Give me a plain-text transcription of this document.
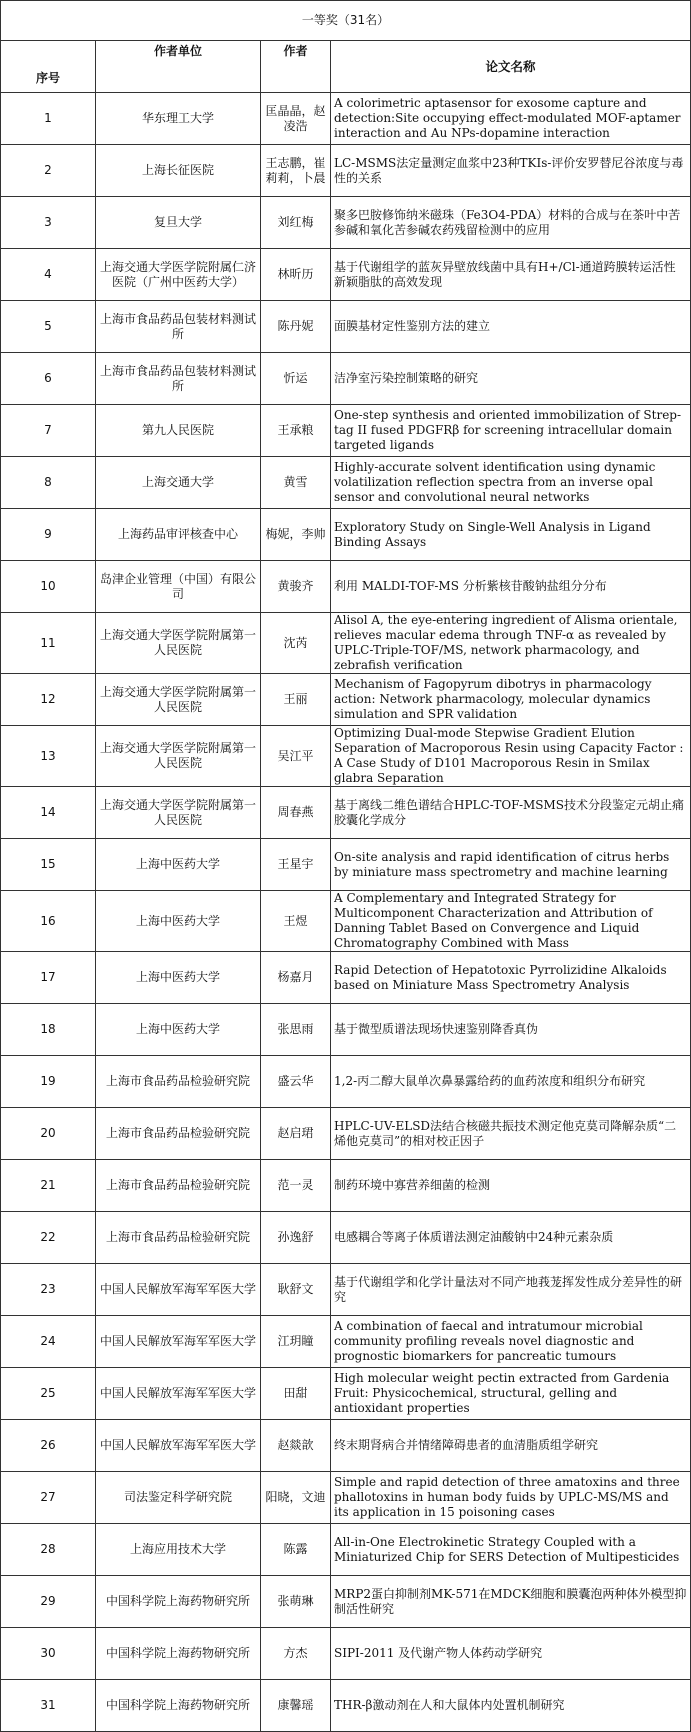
一等奖（31名）			
序号	作者单位	作者	论文名称
1	华东理工大学	匡晶晶，赵凌浩	A colorimetric aptasensor for exosome capture and detection:Site occupying effect-modulated MOF-aptamer interaction and Au NPs-dopamine interaction
2	上海长征医院	王志鹏，崔莉莉，卜晨	LC-MSMS法定量测定血浆中23种TKIs-评价安罗替尼谷浓度与毒性的关系
3	复旦大学	刘红梅	聚多巴胺修饰纳米磁珠（Fe3O4-PDA）材料的合成与在茶叶中苦参碱和氧化苦参碱农药残留检测中的应用
4	上海交通大学医学院附属仁济医院（广州中医药大学）	林昕历	基于代谢组学的蓝灰异壁放线菌中具有H+/Cl-通道跨膜转运活性新颖脂肽的高效发现
5	上海市食品药品包装材料测试所	陈丹妮	面膜基材定性鉴别方法的建立
6	上海市食品药品包装材料测试所	忻运	洁净室污染控制策略的研究
7	第九人民医院	王承粮	One-step synthesis and oriented immobilization of Strep-tag II fused PDGFRβ for screening intracellular domain targeted ligands
8	上海交通大学	黄雪	Highly-accurate solvent identification using dynamic volatilization reflection spectra from an inverse opal sensor and convolutional neural networks
9	上海药品审评核查中心	梅妮，李帅	Exploratory Study on Single-Well Analysis in Ligand Binding Assays
10	岛津企业管理（中国）有限公司	黄骏齐	利用 MALDI-TOF-MS 分析紫核苷酸钠盐组分分布
11	上海交通大学医学院附属第一人民医院	沈芮	Alisol A, the eye-entering ingredient of Alisma orientale, relieves macular edema through TNF-α as revealed by UPLC-Triple-TOF/MS, network pharmacology, and zebrafish verification
12	上海交通大学医学院附属第一人民医院	王丽	Mechanism of Fagopyrum dibotrys in pharmacology action: Network pharmacology, molecular dynamics simulation and SPR validation
13	上海交通大学医学院附属第一人民医院	吴江平	Optimizing Dual-mode Stepwise Gradient Elution Separation of Macroporous Resin using Capacity Factor : A Case Study of D101 Macroporous Resin in Smilax glabra Separation
14	上海交通大学医学院附属第一人民医院	周春燕	基于离线二维色谱结合HPLC-TOF-MSMS技术分段鉴定元胡止痛胶囊化学成分
15	上海中医药大学	王星宇	On-site analysis and rapid identification of citrus herbs by miniature mass spectrometry and machine learning
16	上海中医药大学	王煜	A Complementary and Integrated Strategy for Multicomponent Characterization and Attribution of Danning Tablet Based on Convergence and Liquid Chromatography Combined with Mass
17	上海中医药大学	杨嘉月	Rapid Detection of Hepatotoxic Pyrrolizidine Alkaloids based on Miniature Mass Spectrometry Analysis
18	上海中医药大学	张思雨	基于微型质谱法现场快速鉴别降香真伪
19	上海市食品药品检验研究院	盛云华	1,2-丙二醇大鼠单次鼻暴露给药的血药浓度和组织分布研究
20	上海市食品药品检验研究院	赵启珺	HPLC-UV-ELSD法结合核磁共振技术测定他克莫司降解杂质“二烯他克莫司”的相对校正因子
21	上海市食品药品检验研究院	范一灵	制药环境中寡营养细菌的检测
22	上海市食品药品检验研究院	孙逸舒	电感耦合等离子体质谱法测定油酸钠中24种元素杂质
23	中国人民解放军海军军医大学	耿舒文	基于代谢组学和化学计量法对不同产地莪茏挥发性成分差异性的研究
24	中国人民解放军海军军医大学	江玥瞳	A combination of faecal and intratumour microbial community profiling reveals novel diagnostic and prognostic biomarkers for pancreatic tumours
25	中国人民解放军海军军医大学	田甜	High molecular weight pectin extracted from Gardenia Fruit: Physicochemical, structural, gelling and antioxidant properties
26	中国人民解放军海军军医大学	赵燚歆	终末期肾病合并情绪障碍患者的血清脂质组学研究
27	司法鉴定科学研究院	阳晓，文迪	Simple and rapid detection of three amatoxins and three phallotoxins in human body fuids by UPLC-MS/MS and its application in 15 poisoning cases
28	上海应用技术大学	陈露	All-in-One Electrokinetic Strategy Coupled with a Miniaturized Chip for SERS Detection of Multipesticides
29	中国科学院上海药物研究所	张萌琳	MRP2蛋白抑制剂MK-571在MDCK细胞和膜囊泡两种体外模型抑制活性研究
30	中国科学院上海药物研究所	方杰	SIPI-2011 及代谢产物人体药动学研究
31	中国科学院上海药物研究所	康馨瑶	THR-β激动剂在人和大鼠体内处置机制研究
